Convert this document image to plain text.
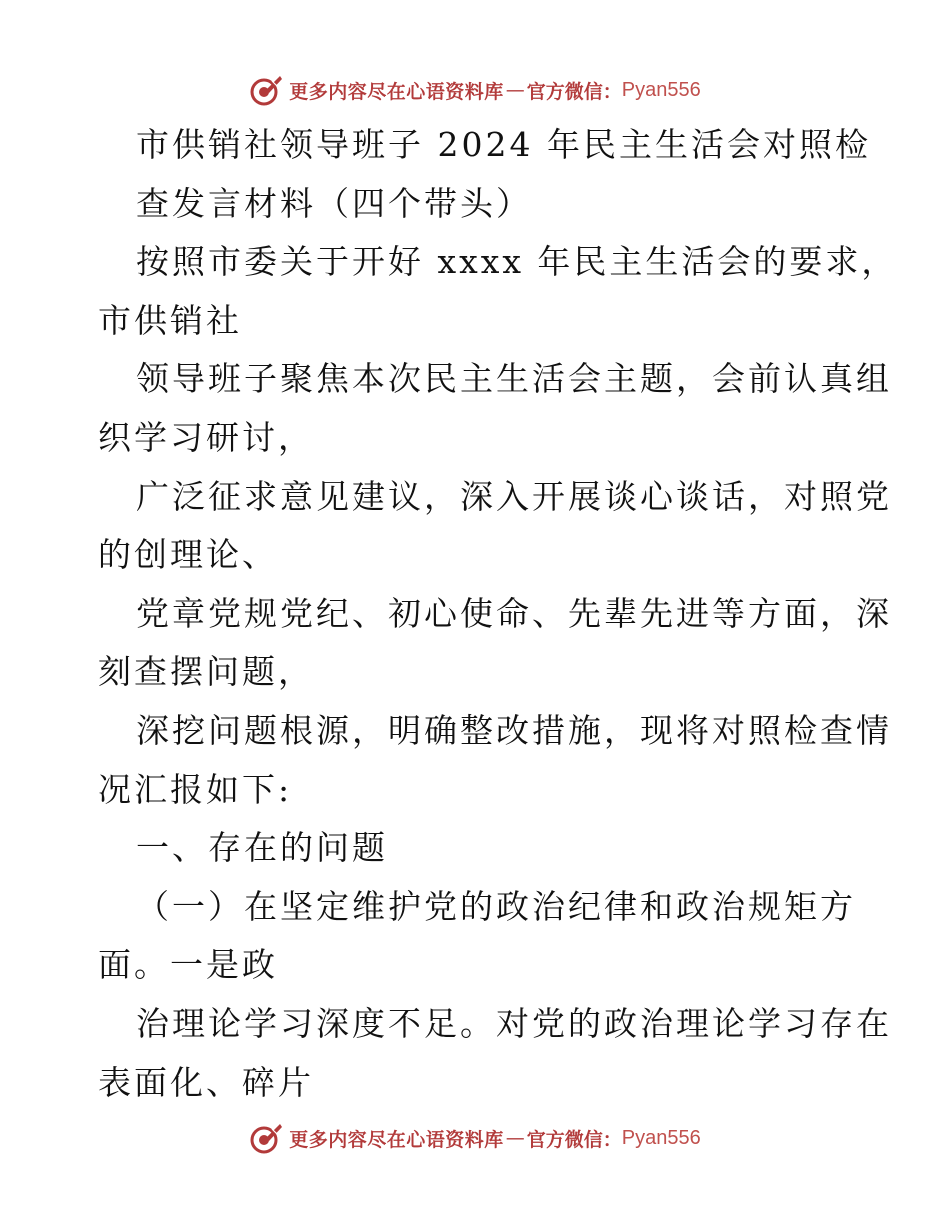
更多内容尽在心语资料库 — 官方微信： Pyan556
市供销社领导班子 2024 年民主生活会对照检
查发言材料（四个带头）
按照市委关于开好 xxxx 年民主生活会的要求，
市供销社
领导班子聚焦本次民主生活会主题，会前认真组
织学习研讨，
广泛征求意见建议，深入开展谈心谈话，对照党
的创理论、
党章党规党纪、初心使命、先辈先进等方面，深
刻查摆问题，
深挖问题根源，明确整改措施，现将对照检查情
况汇报如下:
一、存在的问题
（一）在坚定维护党的政治纪律和政治规矩方
面。一是政
治理论学习深度不足。对党的政治理论学习存在
表面化、碎片
更多内容尽在心语资料库 — 官方微信： Pyan556
